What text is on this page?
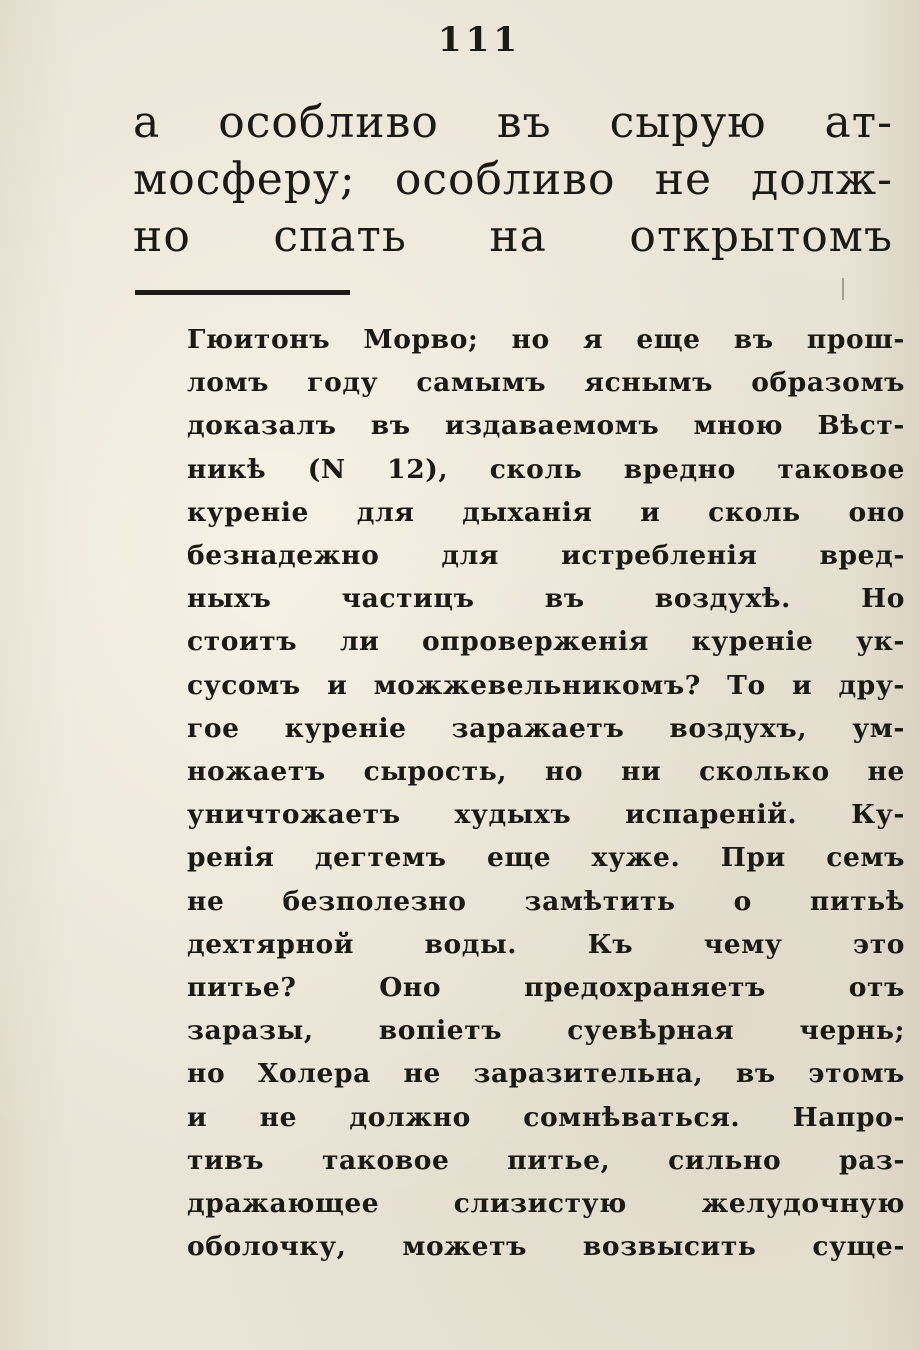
111
а особливо въ сырую ат-
мосферу; особливо не долж-
но спать на открытомъ
Гюитонъ Морво; но я еще въ прош-
ломъ году самымъ яснымъ образомъ
доказалъ въ издаваемомъ мною Вѣст-
никѣ (N 12), сколь вредно таковое
куреніе для дыханія и сколь оно
безнадежно для истребленія вред-
ныхъ частицъ въ воздухѣ. Но
стоитъ ли опроверженія куреніе ук-
сусомъ и можжевельникомъ? То и дру-
гое куреніе заражаетъ воздухъ, ум-
ножаетъ сырость, но ни сколько не
уничтожаетъ худыхъ испареній. Ку-
ренія дегтемъ еще хуже. При семъ
не безполезно замѣтить о питьѣ
дехтярной воды. Къ чему это
питье? Оно предохраняетъ отъ
заразы, вопіетъ суевѣрная чернь;
но Холера не заразительна, въ этомъ
и не должно сомнѣваться. Напро-
тивъ таковое питье, сильно раз-
дражающее слизистую желудочную
оболочку, можетъ возвысить суще-
